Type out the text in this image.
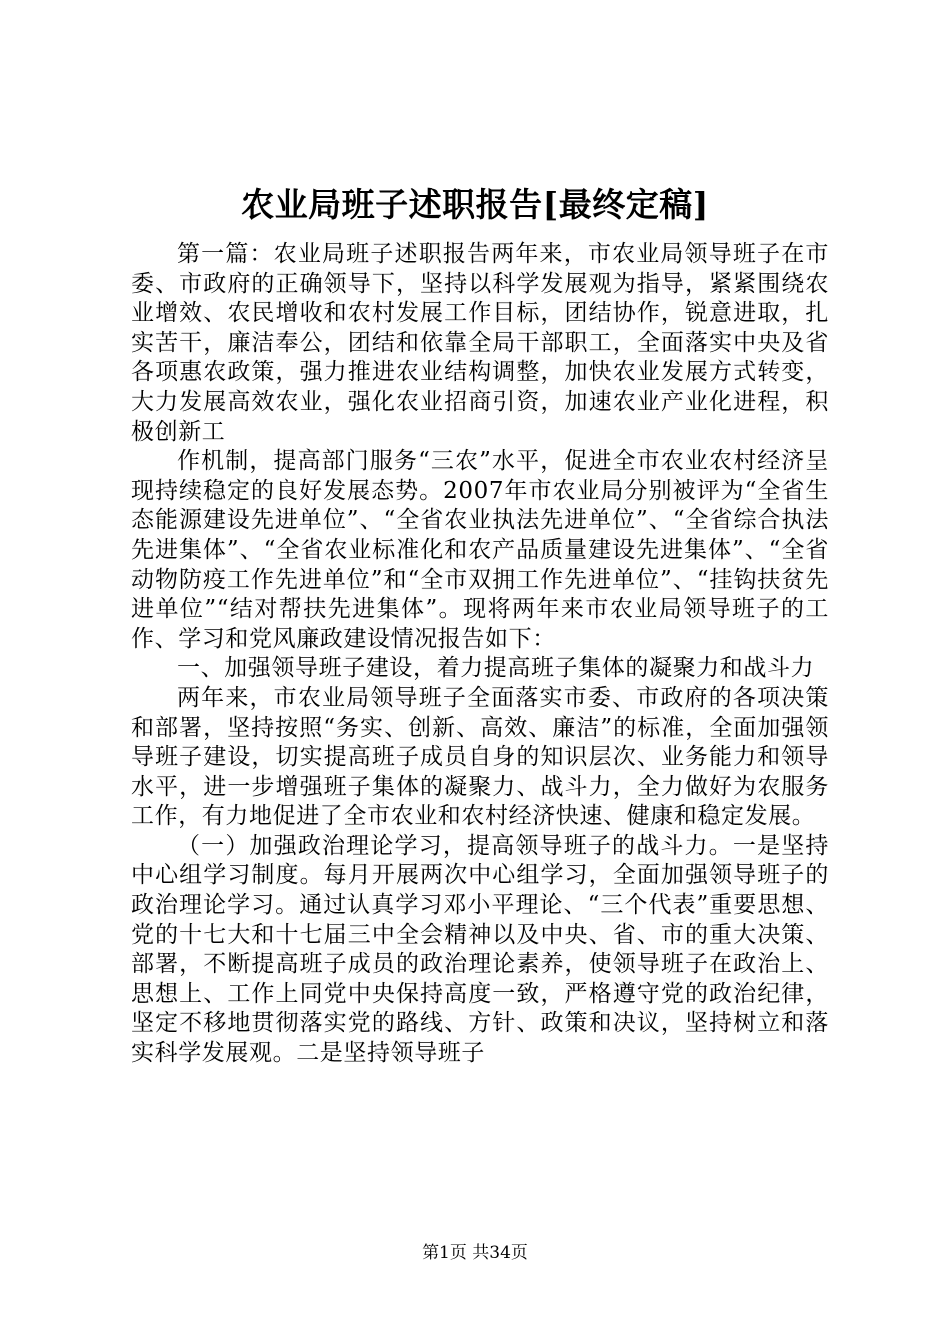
农业局班子述职报告[最终定稿]

第一篇：农业局班子述职报告两年来，市农业局领导班子在市委、市政府的正确领导下，坚持以科学发展观为指导，紧紧围绕农业增效、农民增收和农村发展工作目标，团结协作，锐意进取，扎实苦干，廉洁奉公，团结和依靠全局干部职工，全面落实中央及省各项惠农政策，强力推进农业结构调整，加快农业发展方式转变，大力发展高效农业，强化农业招商引资，加速农业产业化进程，积极创新工

作机制，提高部门服务“三农”水平，促进全市农业农村经济呈现持续稳定的良好发展态势。2007年市农业局分别被评为“全省生态能源建设先进单位”、“全省农业执法先进单位”、“全省综合执法先进集体”、“全省农业标准化和农产品质量建设先进集体”、“全省动物防疫工作先进单位”和“全市双拥工作先进单位”、“挂钩扶贫先进单位”“结对帮扶先进集体”。现将两年来市农业局领导班子的工作、学习和党风廉政建设情况报告如下：

一、加强领导班子建设，着力提高班子集体的凝聚力和战斗力

两年来，市农业局领导班子全面落实市委、市政府的各项决策和部署，坚持按照“务实、创新、高效、廉洁”的标准，全面加强领导班子建设，切实提高班子成员自身的知识层次、业务能力和领导水平，进一步增强班子集体的凝聚力、战斗力，全力做好为农服务工作，有力地促进了全市农业和农村经济快速、健康和稳定发展。

（一）加强政治理论学习，提高领导班子的战斗力。一是坚持中心组学习制度。每月开展两次中心组学习，全面加强领导班子的政治理论学习。通过认真学习邓小平理论、“三个代表”重要思想、党的十七大和十七届三中全会精神以及中央、省、市的重大决策、部署，不断提高班子成员的政治理论素养，使领导班子在政治上、思想上、工作上同党中央保持高度一致，严格遵守党的政治纪律，坚定不移地贯彻落实党的路线、方针、政策和决议，坚持树立和落实科学发展观。二是坚持领导班子

第1页 共34页
